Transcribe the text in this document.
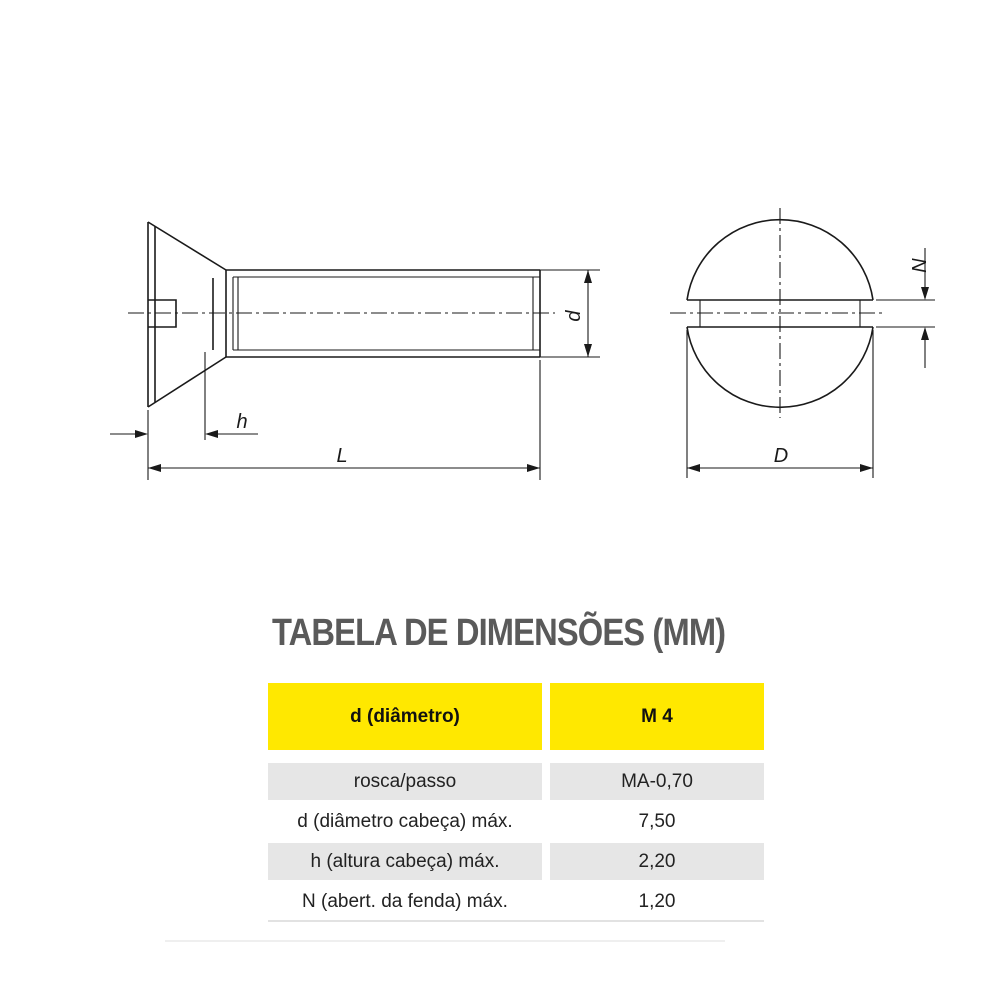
d
h
L
N
D
TABELA DE DIMENSÕES (MM)
d (diâmetro)	M 4
rosca/passo	MA-0,70
d (diâmetro cabeça) máx.	7,50
h (altura cabeça) máx.	2,20
N (abert. da fenda) máx.	1,20
